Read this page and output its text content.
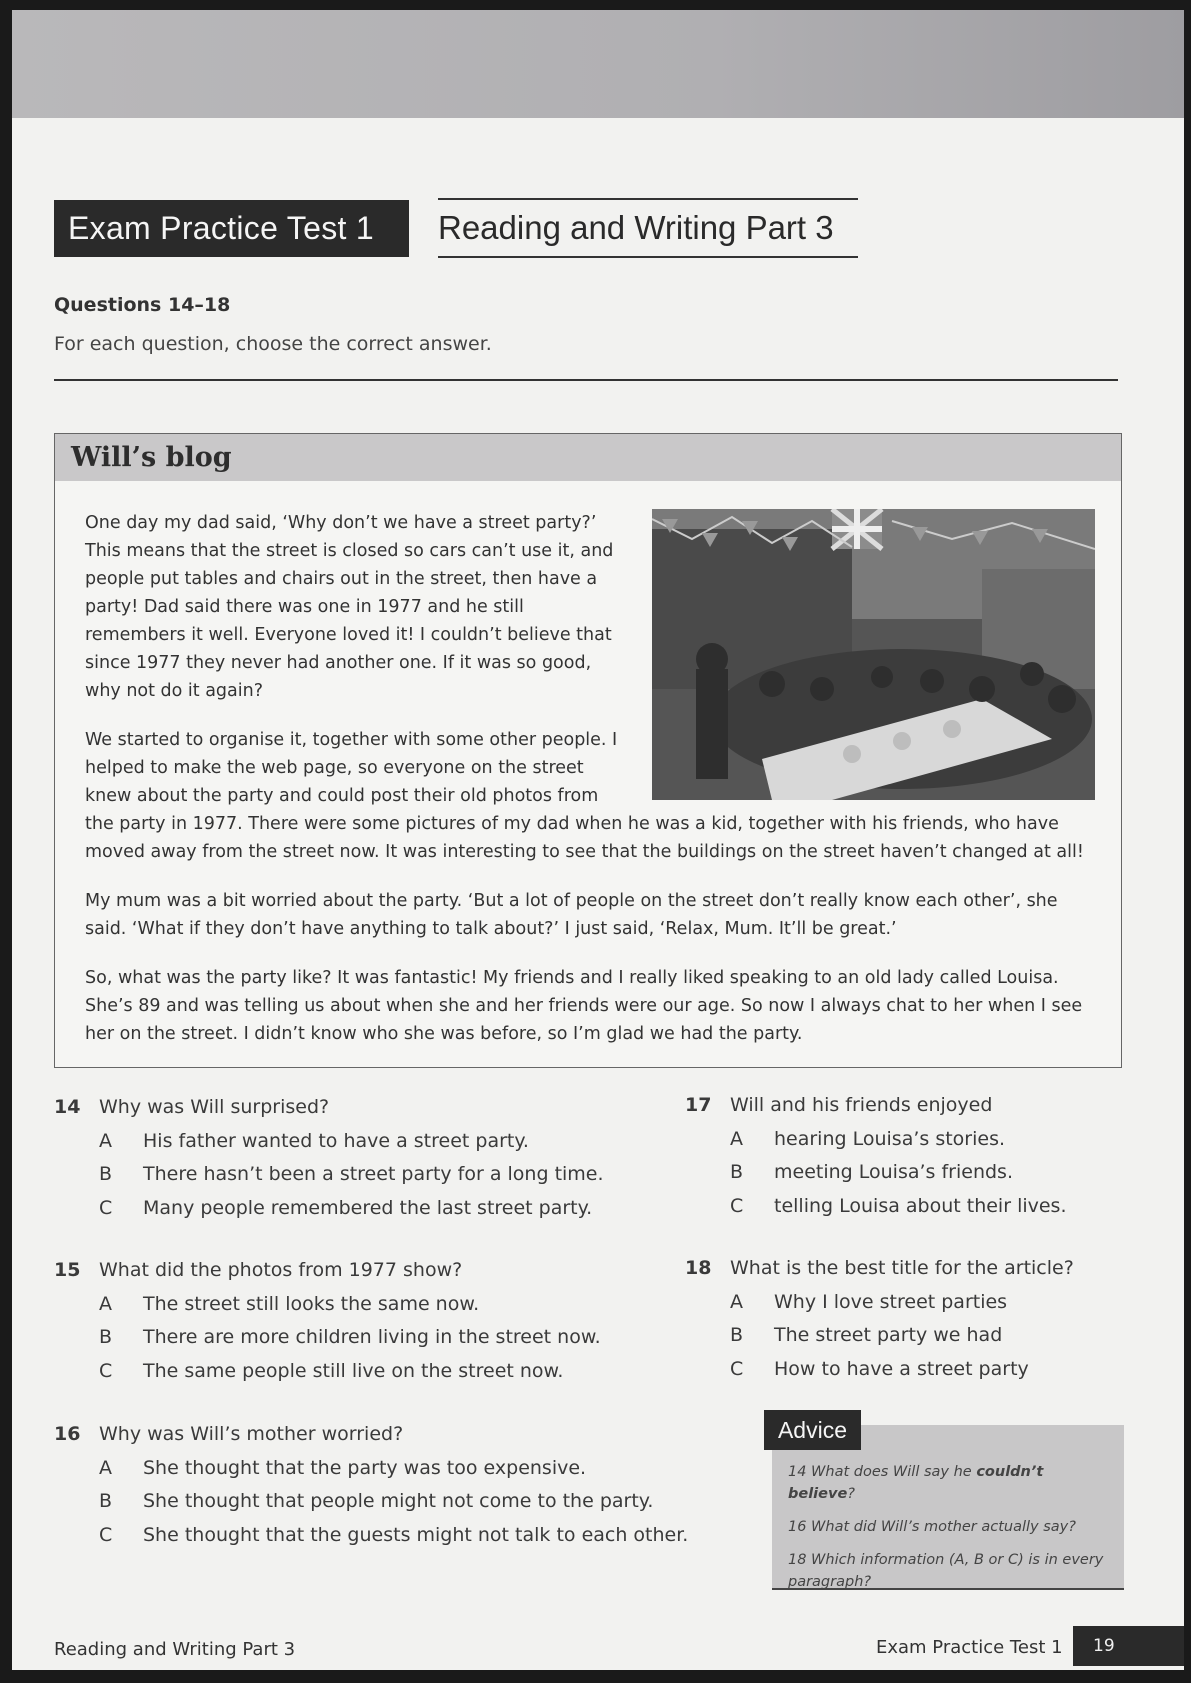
Exam Practice Test 1	Reading and Writing Part 3
Questions 14–18
For each question, choose the correct answer.
Will’s blog

One day my dad said, ‘Why don’t we have a street party?’ This means that the street is closed so cars can’t use it, and people put tables and chairs out in the street, then have a party! Dad said there was one in 1977 and he still remembers it well. Everyone loved it! I couldn’t believe that since 1977 they never had another one. If it was so good, why not do it again?

We started to organise it, together with some other people. I helped to make the web page, so everyone on the street knew about the party and could post their old photos from the party in 1977. There were some pictures of my dad when he was a kid, together with his friends, who have moved away from the street now. It was interesting to see that the buildings on the street haven’t changed at all!

My mum was a bit worried about the party. ‘But a lot of people on the street don’t really know each other’, she said. ‘What if they don’t have anything to talk about?’ I just said, ‘Relax, Mum. It’ll be great.’

So, what was the party like? It was fantastic! My friends and I really liked speaking to an old lady called Louisa. She’s 89 and was telling us about when she and her friends were our age. So now I always chat to her when I see her on the street. I didn’t know who she was before, so I’m glad we had the party.

14 Why was Will surprised?
A His father wanted to have a street party.
B There hasn’t been a street party for a long time.
C Many people remembered the last street party.
15 What did the photos from 1977 show?
A The street still looks the same now.
B There are more children living in the street now.
C The same people still live on the street now.
16 Why was Will’s mother worried?
A She thought that the party was too expensive.
B She thought that people might not come to the party.
C She thought that the guests might not talk to each other.
17 Will and his friends enjoyed
A hearing Louisa’s stories.
B meeting Louisa’s friends.
C telling Louisa about their lives.
18 What is the best title for the article?
A Why I love street parties
B The street party we had
C How to have a street party
14 What does Will say he couldn’t believe?
16 What did Will’s mother actually say?
18 Which information (A, B or C) is in every paragraph?
Advice
Reading and Writing Part 3	Exam Practice Test 1	19
